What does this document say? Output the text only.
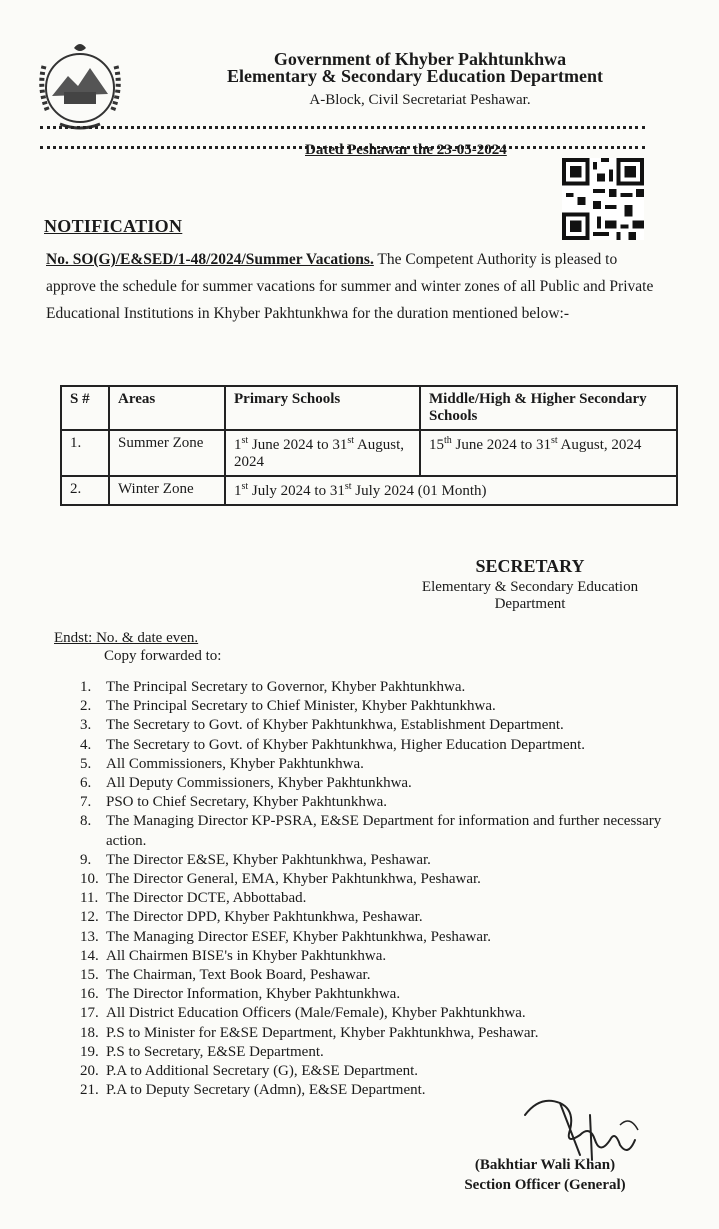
Government of Khyber Pakhtunkhwa
Elementary & Secondary Education Department
A-Block, Civil Secretariat Peshawar.
Dated Peshawar the 23-05-2024
NOTIFICATION
No. SO(G)/E&SED/1-48/2024/Summer Vacations. The Competent Authority is pleased to approve the schedule for summer vacations for summer and winter zones of all Public and Private Educational Institutions in Khyber Pakhtunkhwa for the duration mentioned below:-
S #	Areas	Primary Schools	Middle/High & Higher Secondary Schools
1.	Summer Zone	1st June 2024 to 31st August, 2024	15th June 2024 to 31st August, 2024
2.	Winter Zone	1st July 2024 to 31st July 2024 (01 Month)	
SECRETARY
Elementary & Secondary Education
Department
Endst: No. & date even.
Copy forwarded to:
1. The Principal Secretary to Governor, Khyber Pakhtunkhwa.
2. The Principal Secretary to Chief Minister, Khyber Pakhtunkhwa.
3. The Secretary to Govt. of Khyber Pakhtunkhwa, Establishment Department.
4. The Secretary to Govt. of Khyber Pakhtunkhwa, Higher Education Department.
5. All Commissioners, Khyber Pakhtunkhwa.
6. All Deputy Commissioners, Khyber Pakhtunkhwa.
7. PSO to Chief Secretary, Khyber Pakhtunkhwa.
8. The Managing Director KP-PSRA, E&SE Department for information and further necessary action.
9. The Director E&SE, Khyber Pakhtunkhwa, Peshawar.
10. The Director General, EMA, Khyber Pakhtunkhwa, Peshawar.
11. The Director DCTE, Abbottabad.
12. The Director DPD, Khyber Pakhtunkhwa, Peshawar.
13. The Managing Director ESEF, Khyber Pakhtunkhwa, Peshawar.
14. All Chairmen BISE's in Khyber Pakhtunkhwa.
15. The Chairman, Text Book Board, Peshawar.
16. The Director Information, Khyber Pakhtunkhwa.
17. All District Education Officers (Male/Female), Khyber Pakhtunkhwa.
18. P.S to Minister for E&SE Department, Khyber Pakhtunkhwa, Peshawar.
19. P.S to Secretary, E&SE Department.
20. P.A to Additional Secretary (G), E&SE Department.
21. P.A to Deputy Secretary (Admn), E&SE Department.
(Bakhtiar Wali Khan)
Section Officer (General)
